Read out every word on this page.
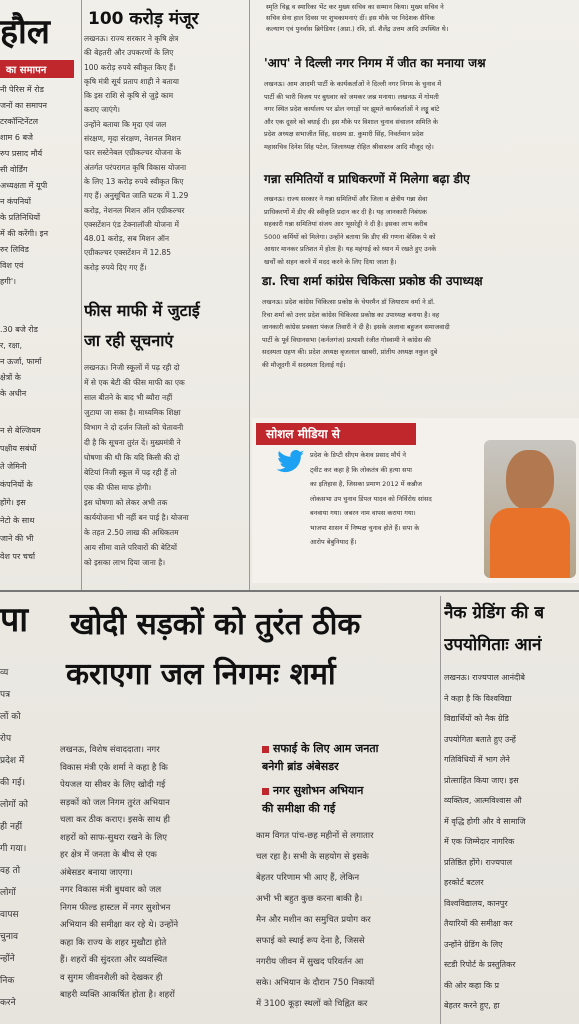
हौल
का समापन
नी पेरिस में रोड
जनों का समापन
टरकॉन्टिनेंटल
शाम 6 बजे
रुप प्रसाद मौर्य
सी वोर्डिंग
अध्यक्षता में यूपी
न कंपनियों
के प्रतिनिधियों
में की करेंगी। इन
रुर लिविड
विश एवं
हगी'।
.30 बजे रोड
र, रक्षा,
न ऊर्जा, फार्मा
क्षेत्रों के
के अधीन
न से बेल्जियम
पक्षीय सबंधों
ते जेमिनी
कंपनियों के
होंगे। इस
नेटो के साथ
जाने की भी
वेश पर चर्चा
पा
व्य
पत्र
लों को
रोप
प्रदेश में
की गई।
लोगों को
ही नहीं
गी गया।
वह तो
लोगों
वापस
चुनाव
न्होंने
निक
करने
100 करोड़ मंजूर
लखनऊ। राज्य सरकार ने कृषि क्षेत्र
की बेहतरी और उपकरणों के लिए
100 करोड़ रुपये स्वीकृत किए हैं।
कृषि मंत्री सूर्य प्रताप शाही ने बताया
कि इस राशि से कृषि से जुड़े काम
कराए जाएंगे।
उन्होंने बताया कि मृदा एवं जल
संरक्षण, मृदा संरक्षण, नेशनल मिशन
फार सस्टेनेबल एग्रीकल्चर योजना के
अंतर्गत परंपरागत कृषि विकास योजना
के लिए 13 करोड़ रुपये स्वीकृत किए
गए हैं। अनुसूचित जाति घटक में 1.29
करोड़, नेशनल मिशन ऑन एग्रीकल्चर
एक्सटेंशन एंड टेक्नालॉजी योजना में
48.01 करोड़, सब मिशन ऑन
एग्रीकल्चर एक्सटेंशन में 12.85
करोड़ रुपये दिए गए हैं।
फीस माफी में जुटाई
जा रही सूचनाएं
लखनऊ। निजी स्कूलों में पढ़ रही दो
में से एक बेटी की फीस माफी का एक
साल बीतने के बाद भी ब्यौरा नहीं
जुटाया जा सका है। माध्यमिक शिक्षा
विभाग ने दो दर्जन जिलों को चेतावनी
दी है कि सूचना तुरंत दें। मुख्यमंत्री ने
घोषणा की थी कि यदि किसी की दो
बेटियां निजी स्कूल में पढ़ रही हैं तो
एक की फीस माफ होगी।
इस घोषणा को लेकर अभी तक
कार्ययोजना भी नहीं बन पाई है। योजना
के तहत 2.50 लाख की अधिकतम
आय सीमा वाले परिवारों की बेटियों
को इसका लाभ दिया जाना है।
स्मृति चिह्न व स्मारिका भेंट कर मुख्य सचिव का सम्मान किया। मुख्य सचिव ने
सचिव सेना हाल दिवस पर शुभकामनाएं दीं। इस मौके पर निदेशक सैनिक
कल्याण एवं पुनर्वास ब्रिगेडियर (अप्रा.) रवि, डॉ. शैलेंद्र उत्तम आदि उपस्थित थे।
'आप' ने दिल्ली नगर निगम में जीत का मनाया जश्न
लखनऊ। आम आदमी पार्टी के कार्यकर्ताओं ने दिल्ली नगर निगम के चुनाव में
पार्टी की भारी विजय पर बुधवार को जमकर जश्न मनाया। लखनऊ में गोमती
नगर स्थित प्रदेश कार्यालय पर ढोल नगाड़ों पर झूमते कार्यकर्ताओं ने लड्डू बांटे
और एक दूसरे को बधाई दी। इस मौके पर विशाल चुनाव संचालन समिति के
प्रदेश अध्यक्ष सभाजीत सिंह, सदस्य डा. कुमारी सिंह, निवर्तमान प्रदेश
महासचिव दिनेश सिंह पटेल, जिलाध्यक्ष रोहित श्रीवास्तव आदि मौजूद रहे।
गन्ना समितियों व प्राधिकरणों में मिलेगा बढ़ा डीए
लखनऊ। राज्य सरकार ने गन्ना समितियों और जिला व क्षेत्रीय गन्ना सेवा
प्राधिकरणों में डीए की स्वीकृति प्रदान कर दी है। यह जानकारी निबंधक
सहकारी गन्ना समितियां संजय आर भूसरेड्डी ने दी है। इसका लाभ करीब
5000 कर्मियों को मिलेगा। उन्होंने बताया कि डीए की गणना बेसिक पे को
आधार मानकर प्रतिशत में होता है। यह महंगाई को ध्यान में रखते हुए उनके
खर्चों को सहन करने में मदद करने के लिए दिया जाता है।
डा. रिचा शर्मा कांग्रेस चिकित्सा प्रकोष्ठ की उपाध्यक्ष
लखनऊ। प्रदेश कांग्रेस चिकित्सा प्रकोष्ठ के चेयरमैन डॉ जियाराम वर्मा ने डॉ.
रिचा शर्मा को उत्तर प्रदेश कांग्रेस चिकित्सा प्रकोष्ठ का उपाध्यक्ष बनाया है। वह
जानकारी कांग्रेस प्रवक्ता पंकज तिवारी ने दी है। इसके अलावा बहुजन समाजवादी
पार्टी के पूर्व विधानसभा (कर्नलगंज) प्रत्याशी रंजीत गोस्वामी ने कांग्रेस की
सदस्यता ग्रहण की। प्रदेश अध्यक्ष बृजलाल खाबरी, प्रांतीय अध्यक्ष नकुल दुबे
की मौजूदगी में सदस्यता दिलाई गई।
सोशल मीडिया से
प्रदेश के डिप्टी सीएम केशव प्रसाद मौर्य ने
ट्वीट कर कहा है कि लोकतंत्र की हत्या सपा
का इतिहास है, जिसका प्रमाण 2012 में कन्नौज
लोकसभा उप चुनाव डिंपल यादव को निर्विरोध सांसद
बनवाया गया। जबरन नाम वापस कराया गया।
भाजपा शासन में निष्पक्ष चुनाव होते हैं। सपा के
आरोप बेबुनियाद हैं।
खोदी सड़कों को तुरंत ठीक
कराएगा जल निगमः शर्मा
लखनऊ, विशेष संवाददाता। नगर
विकास मंत्री एके शर्मा ने कहा है कि
पेयजल या सीवर के लिए खोदी गई
सड़कों को जल निगम तुरंत अभियान
चला कर ठीक कराए। इसके साथ ही
शहरों को साफ-सुथरा रखने के लिए
हर क्षेत्र में जनता के बीच से एक
अंबेसडर बनाया जाएगा।
नगर विकास मंत्री बुधवार को जल
निगम फील्ड हास्टल में नगर सुशोभन
अभियान की समीक्षा कर रहे थे। उन्होंने
कहा कि राज्य के शहर मुखौटा होते
हैं। शहरों की सुंदरता और व्यवस्थित
व सुगम जीवनशैली को देखकर ही
बाहरी व्यक्ति आकर्षित होता है। शहरों
सफाई के लिए आम जनता
बनेगी ब्रांड अंबेसडर
नगर सुशोभन अभियान
की समीक्षा की गई
काम विगत पांच-छह महीनों से लगातार
चल रहा है। सभी के सहयोग से इसके
बेहतर परिणाम भी आए हैं, लेकिन
अभी भी बहुत कुछ करना बाकी है।
मैन और मशीन का समुचित प्रयोग कर
सफाई को स्थाई रूप देना है, जिससे
नगरीय जीवन में सुखद परिवर्तन आ
सके। अभियान के दौरान 750 निकायों
में 3100 कूड़ा स्थलों को चिह्नित कर
नैक ग्रेडिंग की ब
उपयोगिताः आनं
लखनऊ। राज्यपाल आनंदीबे
ने कहा है कि विश्वविद्या
विद्यार्थियों को नैक ग्रेडि
उपयोगिता बताते हुए उन्हें
गतिविधियों में भाग लेने
प्रोत्साहित किया जाए। इस
व्यक्तित्व, आत्मविश्वास औ
में वृद्धि होगी और वे सामाजि
में एक जिम्मेदार नागरिक
प्रतिष्ठित होंगे। राज्यपाल
हरकोर्ट बटलर
विश्वविद्यालय, कानपुर
तैयारियों की समीक्षा कर
उन्होंने ग्रेडिंग के लिए
स्टडी रिपोर्ट के प्रस्तुतिकर
की ओर कहा कि प्र
बेहतर करने हुए, हा
